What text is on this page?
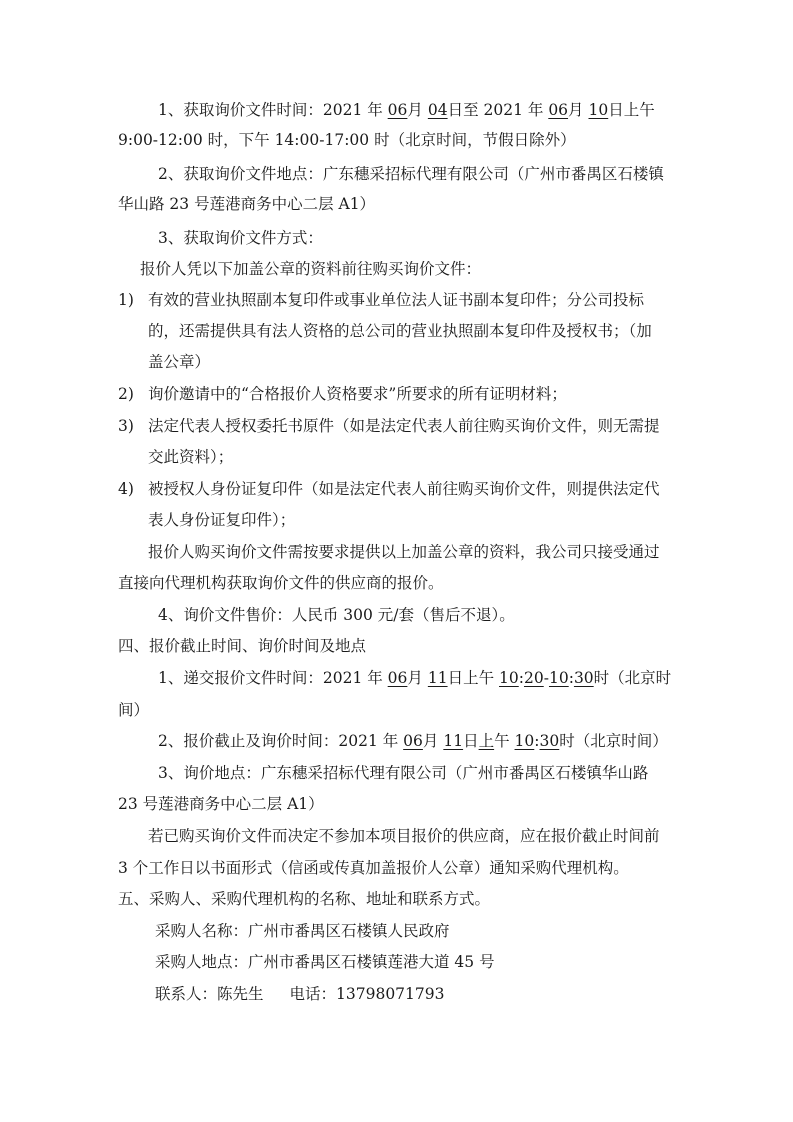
1、获取询价文件时间：2021 年 06月 04日至 2021 年 06月 10日上午
9:00-12:00 时，下午 14:00-17:00 时（北京时间，节假日除外）
2、获取询价文件地点：广东穗采招标代理有限公司（广州市番禺区石楼镇
华山路 23 号莲港商务中心二层 A1）
3、获取询价文件方式：
报价人凭以下加盖公章的资料前往购买询价文件：
1) 有效的营业执照副本复印件或事业单位法人证书副本复印件；分公司投标
的，还需提供具有法人资格的总公司的营业执照副本复印件及授权书；（加
盖公章）
2) 询价邀请中的“合格报价人资格要求”所要求的所有证明材料；
3) 法定代表人授权委托书原件（如是法定代表人前往购买询价文件，则无需提
交此资料）；
4) 被授权人身份证复印件（如是法定代表人前往购买询价文件，则提供法定代
表人身份证复印件）；
报价人购买询价文件需按要求提供以上加盖公章的资料，我公司只接受通过
直接向代理机构获取询价文件的供应商的报价。
4、询价文件售价：人民币 300 元/套（售后不退）。
四、报价截止时间、询价时间及地点
1、递交报价文件时间：2021 年 06月 11日上午 10:20-10:30时（北京时
间）
2、报价截止及询价时间：2021 年 06月 11日上午 10:30时（北京时间）
3、询价地点：广东穗采招标代理有限公司（广州市番禺区石楼镇华山路
23 号莲港商务中心二层 A1）
若已购买询价文件而决定不参加本项目报价的供应商，应在报价截止时间前
3 个工作日以书面形式（信函或传真加盖报价人公章）通知采购代理机构。
五、采购人、采购代理机构的名称、地址和联系方式。
采购人名称：广州市番禺区石楼镇人民政府
采购人地点：广州市番禺区石楼镇莲港大道 45 号
联系人：陈先生 电话：13798071793
